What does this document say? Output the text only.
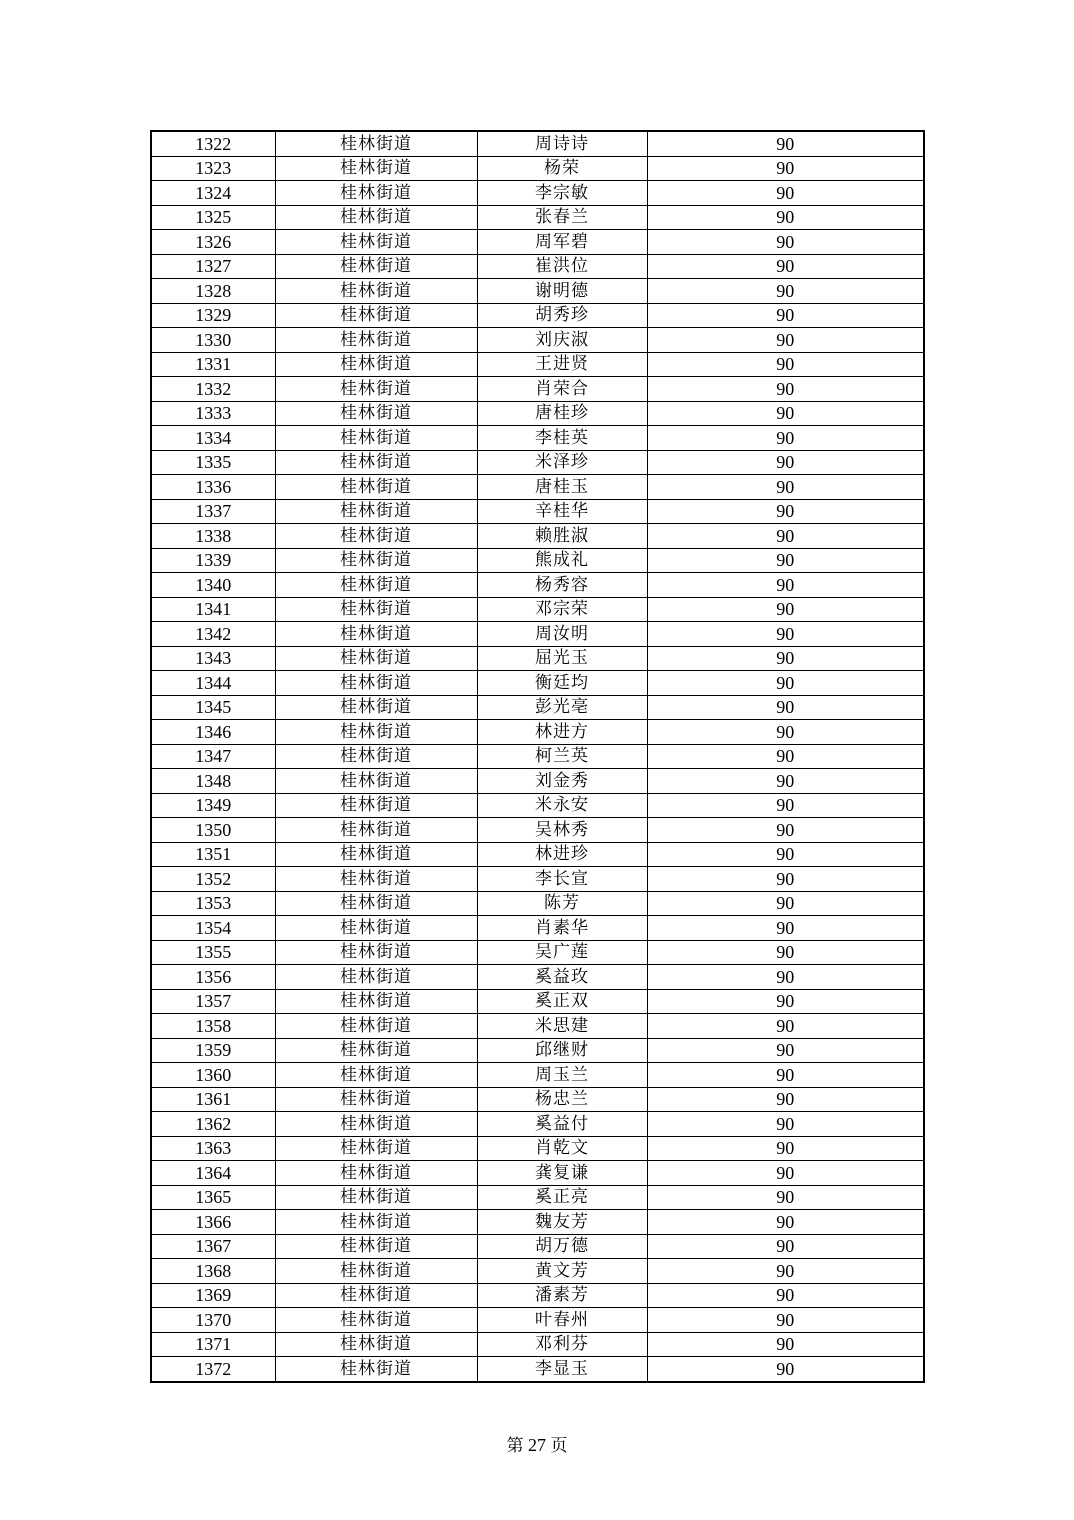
1322	桂林街道	周诗诗	90
1323	桂林街道	杨荣	90
1324	桂林街道	李宗敏	90
1325	桂林街道	张春兰	90
1326	桂林街道	周军碧	90
1327	桂林街道	崔洪位	90
1328	桂林街道	谢明德	90
1329	桂林街道	胡秀珍	90
1330	桂林街道	刘庆淑	90
1331	桂林街道	王进贤	90
1332	桂林街道	肖荣合	90
1333	桂林街道	唐桂珍	90
1334	桂林街道	李桂英	90
1335	桂林街道	米泽珍	90
1336	桂林街道	唐桂玉	90
1337	桂林街道	辛桂华	90
1338	桂林街道	赖胜淑	90
1339	桂林街道	熊成礼	90
1340	桂林街道	杨秀容	90
1341	桂林街道	邓宗荣	90
1342	桂林街道	周汝明	90
1343	桂林街道	屈光玉	90
1344	桂林街道	衡廷均	90
1345	桂林街道	彭光亳	90
1346	桂林街道	林进方	90
1347	桂林街道	柯兰英	90
1348	桂林街道	刘金秀	90
1349	桂林街道	米永安	90
1350	桂林街道	吴林秀	90
1351	桂林街道	林进珍	90
1352	桂林街道	李长宣	90
1353	桂林街道	陈芳	90
1354	桂林街道	肖素华	90
1355	桂林街道	吴广莲	90
1356	桂林街道	奚益玫	90
1357	桂林街道	奚正双	90
1358	桂林街道	米思建	90
1359	桂林街道	邱继财	90
1360	桂林街道	周玉兰	90
1361	桂林街道	杨忠兰	90
1362	桂林街道	奚益付	90
1363	桂林街道	肖乾文	90
1364	桂林街道	龚复谦	90
1365	桂林街道	奚正亮	90
1366	桂林街道	魏友芳	90
1367	桂林街道	胡万德	90
1368	桂林街道	黄文芳	90
1369	桂林街道	潘素芳	90
1370	桂林街道	叶春州	90
1371	桂林街道	邓利芬	90
1372	桂林街道	李显玉	90
第 27 页
